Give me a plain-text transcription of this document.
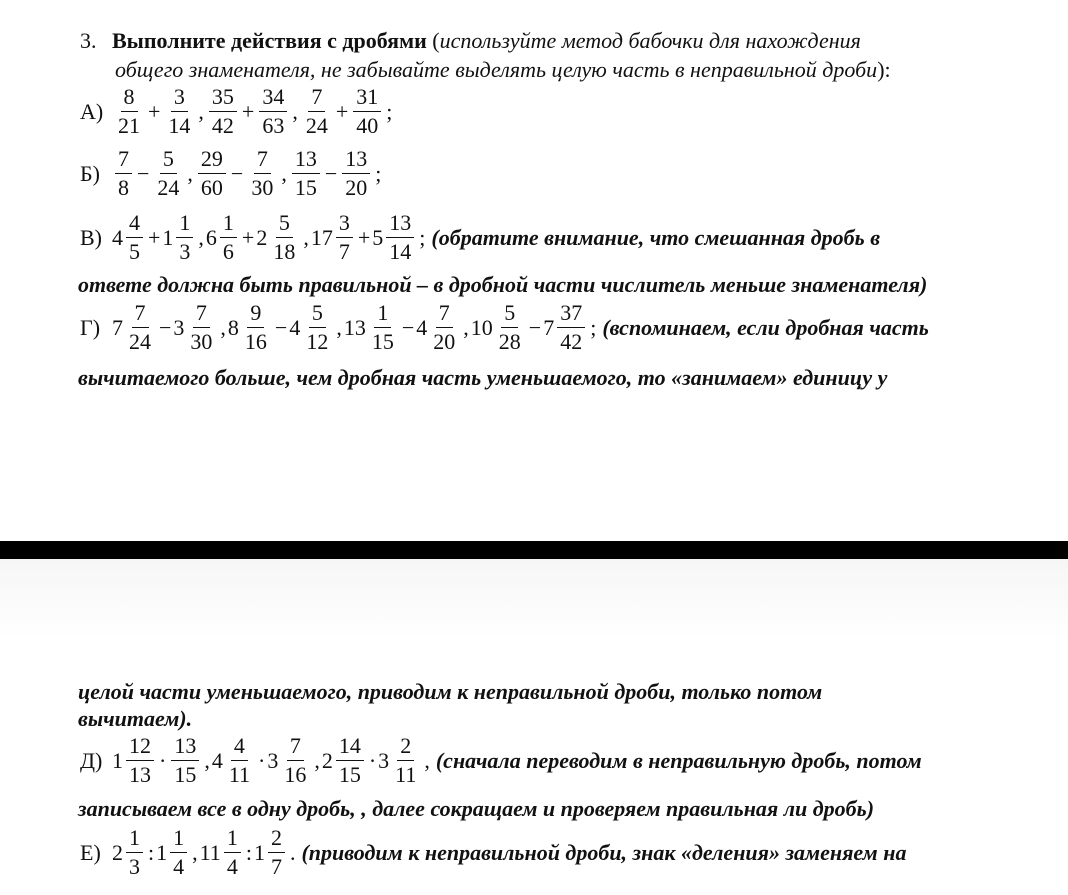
3. Выполните действия с дробями (используйте метод бабочки для нахождения
общего знаменателя, не забывайте выделять целую часть в неправильной дроби):
$А) \frac{8}{21} + \frac{3}{14}$ , $\frac{35}{42} + \frac{34}{63}$ , $\frac{7}{24} + \frac{31}{40}$ ;
$Б) \frac{7}{8} - \frac{5}{24}$ , $\frac{29}{60} - \frac{7}{30}$ , $\frac{13}{15} - \frac{13}{20}$ ;
В) $4 \frac{4}{5} + 1 \frac{1}{3}$ , $6 \frac{1}{6} + 2 \frac{5}{18}$ , $17 \frac{3}{7} + 5 \frac{13}{14}$ ; (обратите внимание, что смешанная дробь в
ответе должна быть правильной – в дробной части числитель меньше знаменателя)
Г) $7 \frac{7}{24} - 3 \frac{7}{30}$ , $8 \frac{9}{16} - 4 \frac{5}{12}$ , $13 \frac{1}{15} - 4 \frac{7}{20}$ , $10 \frac{5}{28} - 7 \frac{37}{42}$ ; (вспоминаем, если дробная часть
вычитаемого больше, чем дробная часть уменьшаемого, то «занимаем» единицу у
целой части уменьшаемого, приводим к неправильной дроби, только потом
вычитаем).
Д) $1 \frac{12}{13} \cdot \frac{13}{15}$ , $4 \frac{4}{11} \cdot 3 \frac{7}{16}$ , $2 \frac{14}{15} \cdot 3 \frac{2}{11}$ , (сначала переводим в неправильную дробь, потом
записываем все в одну дробь, , далее сокращаем и проверяем правильная ли дробь)
Е) $2 \frac{1}{3}$ : $1 \frac{1}{4}$ , $11 \frac{1}{4}$ : $1 \frac{2}{7}$ . (приводим к неправильной дроби, знак «деления» заменяем на
